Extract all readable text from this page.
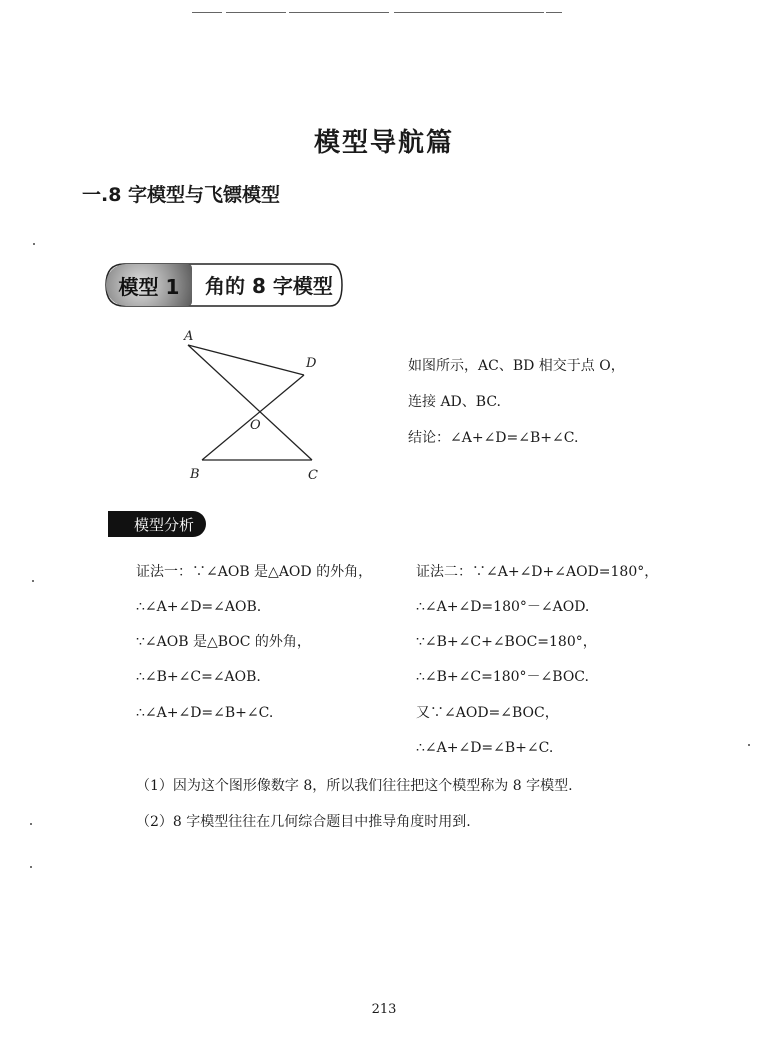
模型导航篇
一.8 字模型与飞镖模型
模型 1	角的 8 字模型
A
D
O
B	C
如图所示，AC、BD 相交于点 O，
连接 AD、BC.
结论：∠A+∠D=∠B+∠C.
模型分析
证法一：∵∠AOB 是△AOD 的外角，
∴∠A+∠D=∠AOB.
∵∠AOB 是△BOC 的外角，
∴∠B+∠C=∠AOB.
∴∠A+∠D=∠B+∠C.
证法二：∵∠A+∠D+∠AOD=180°，
∴∠A+∠D=180°－∠AOD.
∵∠B+∠C+∠BOC=180°，
∴∠B+∠C=180°－∠BOC.
又∵∠AOD=∠BOC，
∴∠A+∠D=∠B+∠C.
（1）因为这个图形像数字 8，所以我们往往把这个模型称为 8 字模型.
（2）8 字模型往往在几何综合题目中推导角度时用到.
213
